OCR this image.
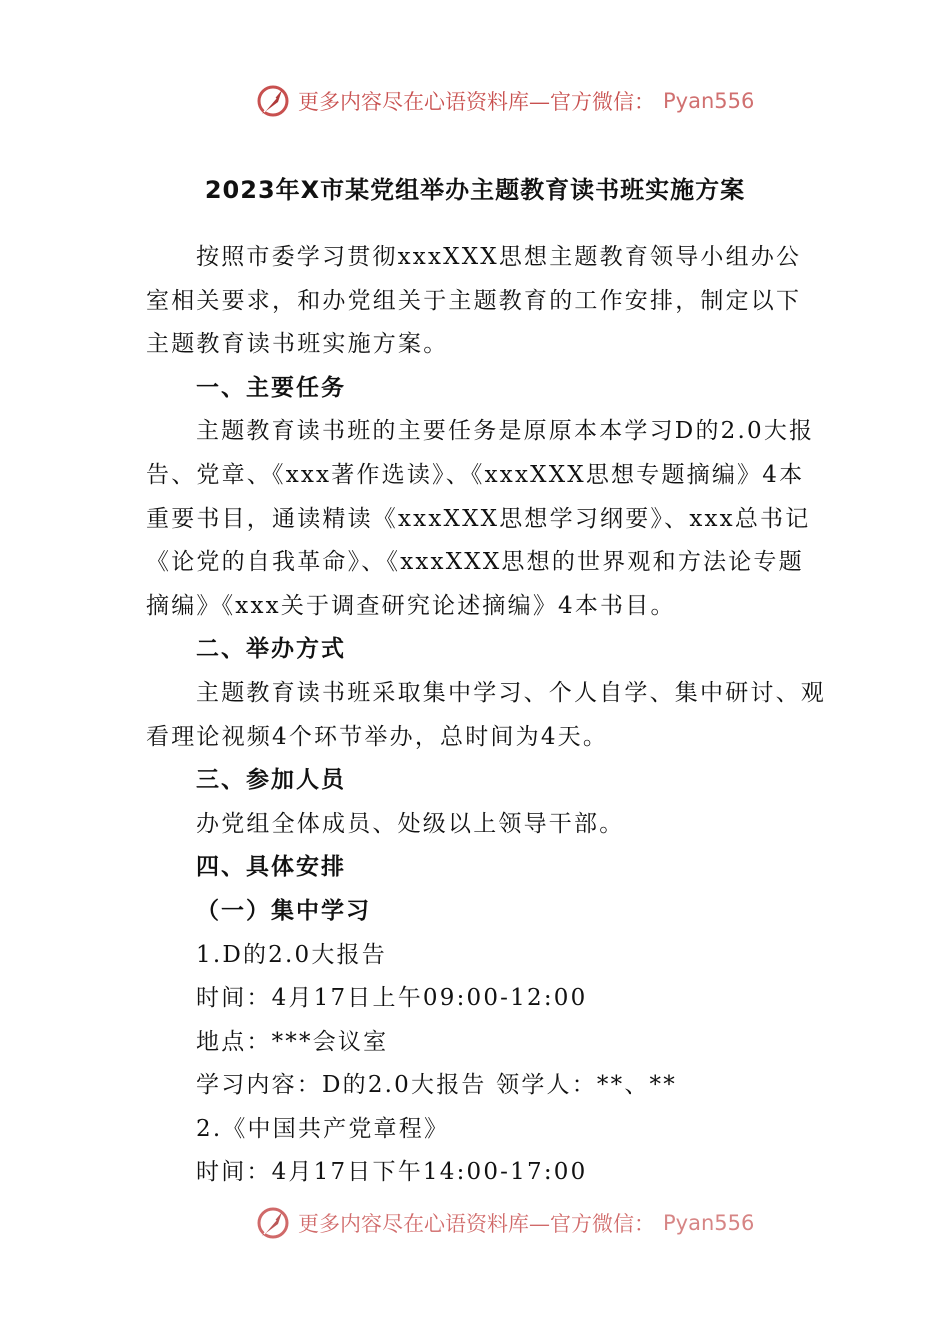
更多内容尽在心语资料库—官方微信： Pyan556
2023年X市某党组举办主题教育读书班实施方案

按照市委学习贯彻xxxXXX思想主题教育领导小组办公室相关要求，和办党组关于主题教育的工作安排，制定以下主题教育读书班实施方案。

一、主要任务

主题教育读书班的主要任务是原原本本学习D的2.0大报告、党章、《xxx著作选读》、《xxxXXX思想专题摘编》4本重要书目，通读精读《xxxXXX思想学习纲要》、xxx总书记《论党的自我革命》、《xxxXXX思想的世界观和方法论专题摘编》《xxx关于调查研究论述摘编》4本书目。

二、举办方式

主题教育读书班采取集中学习、个人自学、集中研讨、观看理论视频4个环节举办，总时间为4天。

三、参加人员

办党组全体成员、处级以上领导干部。

四、具体安排

（一）集中学习

1.D的2.0大报告

时间：4月17日上午09:00-12:00

地点：***会议室

学习内容：D的2.0大报告 领学人：**、**

2.《中国共产党章程》

时间：4月17日下午14:00-17:00

更多内容尽在心语资料库—官方微信： Pyan556
